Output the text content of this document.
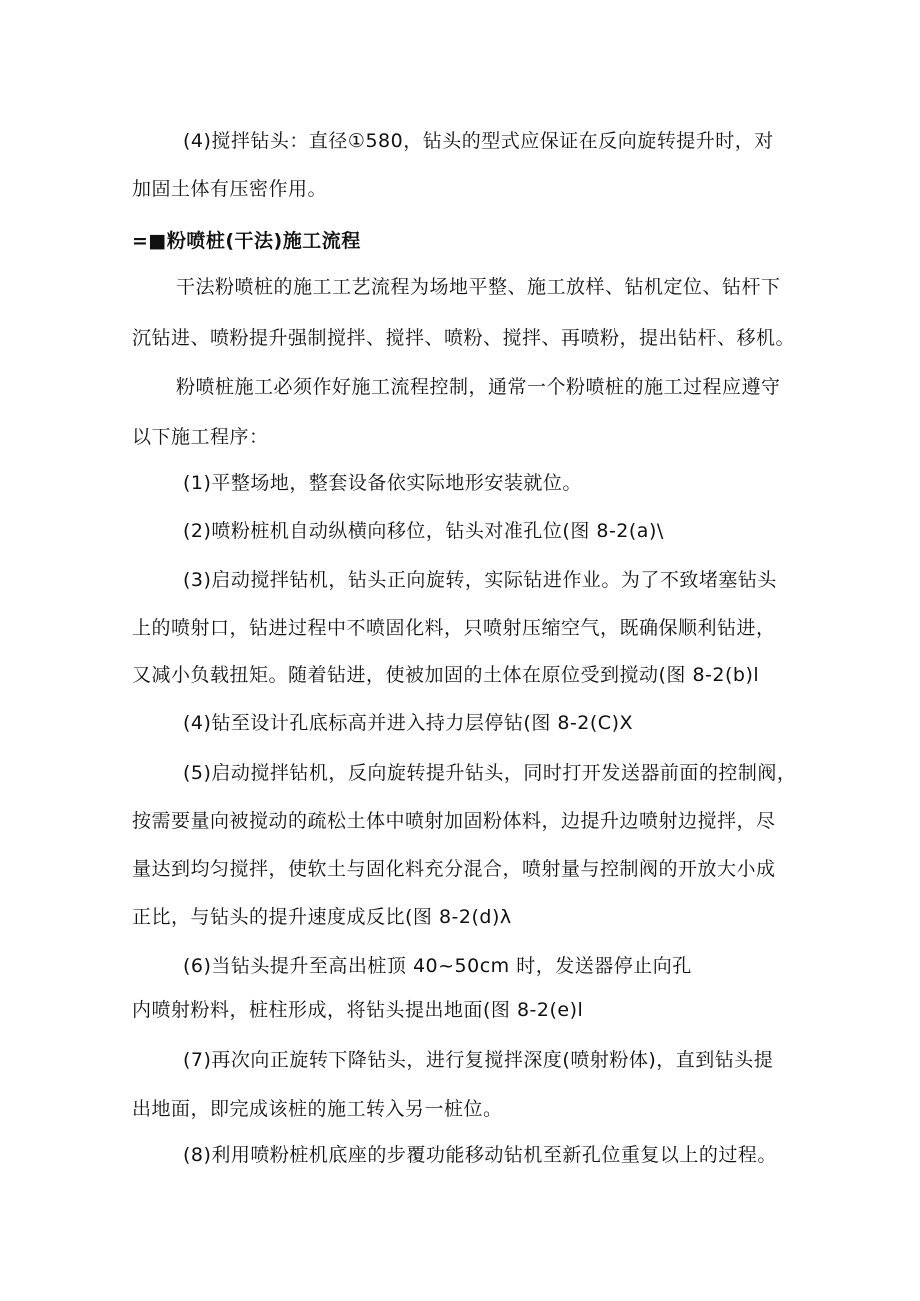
(4)搅拌钻头：直径①580，钻头的型式应保证在反向旋转提升时，对
加固土体有压密作用。
=■粉喷桩(干法)施工流程
干法粉喷桩的施工工艺流程为场地平整、施工放样、钻机定位、钻杆下
沉钻进、喷粉提升强制搅拌、搅拌、喷粉、搅拌、再喷粉，提出钻杆、移机。
粉喷桩施工必须作好施工流程控制，通常一个粉喷桩的施工过程应遵守
以下施工程序：
(1)平整场地，整套设备依实际地形安装就位。
(2)喷粉桩机自动纵横向移位，钻头对准孔位(图 8-2(a)\
(3)启动搅拌钻机，钻头正向旋转，实际钻进作业。为了不致堵塞钻头
上的喷射口，钻进过程中不喷固化料，只喷射压缩空气，既确保顺利钻进，
又减小负载扭矩。随着钻进，使被加固的土体在原位受到搅动(图 8-2(b)l
(4)钻至设计孔底标高并进入持力层停钻(图 8-2(C)X
(5)启动搅拌钻机，反向旋转提升钻头，同时打开发送器前面的控制阀，
按需要量向被搅动的疏松土体中喷射加固粉体料，边提升边喷射边搅拌，尽
量达到均匀搅拌，使软土与固化料充分混合，喷射量与控制阀的开放大小成
正比，与钻头的提升速度成反比(图 8-2(d)λ
(6)当钻头提升至高出桩顶 40~50cm 时，发送器停止向孔
内喷射粉料，桩柱形成，将钻头提出地面(图 8-2(e)l
(7)再次向正旋转下降钻头，进行复搅拌深度(喷射粉体)，直到钻头提
出地面，即完成该桩的施工转入另一桩位。
(8)利用喷粉桩机底座的步覆功能移动钻机至新孔位重复以上的过程。
